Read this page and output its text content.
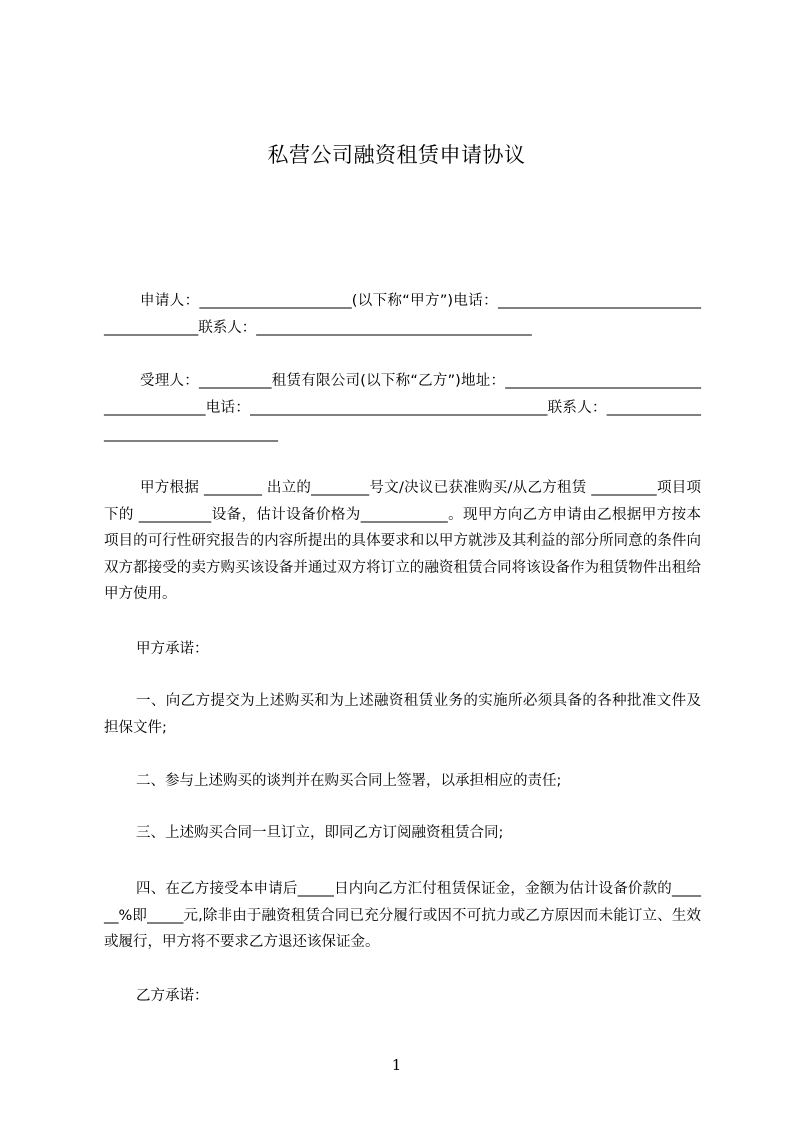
私营公司融资租赁申请协议
申请人：_____________________(以下称“甲方”)电话：_________________________________________联系人：______________________________________
受理人：__________租赁有限公司(以下称“乙方”)地址：_________________________________________电话：_________________________________________联系人：_____________________________________
甲方根据 ________ 出立的________号文/决议已获准购买/从乙方租赁 _________项目项下的 __________设备，估计设备价格为____________。现甲方向乙方申请由乙根据甲方按本项目的可行性研究报告的内容所提出的具体要求和以甲方就涉及其利益的部分所同意的条件向双方都接受的卖方购买该设备并通过双方将订立的融资租赁合同将该设备作为租赁物件出租给甲方使用。
甲方承诺：
一、向乙方提交为上述购买和为上述融资租赁业务的实施所必须具备的各种批准文件及担保文件;
二、参与上述购买的谈判并在购买合同上签署，以承担相应的责任;
三、上述购买合同一旦订立，即同乙方订阅融资租赁合同;
四、在乙方接受本申请后_____日内向乙方汇付租赁保证金，金额为估计设备价款的______%即_____元,除非由于融资租赁合同已充分履行或因不可抗力或乙方原因而未能订立、生效或履行，甲方将不要求乙方退还该保证金。
乙方承诺：
1
